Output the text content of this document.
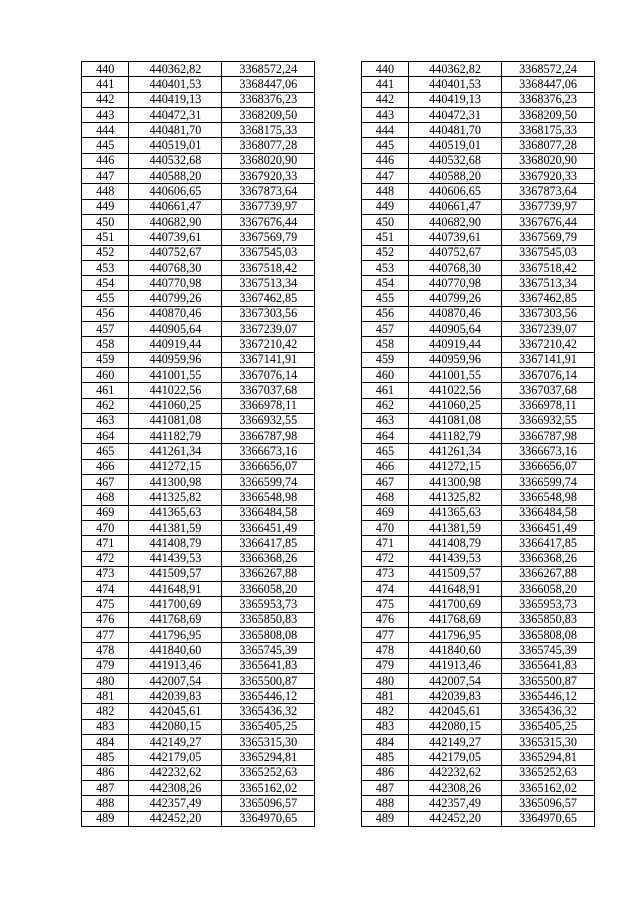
440	440362,82	3368572,24		440	440362,82	3368572,24
441	440401,53	3368447,06		441	440401,53	3368447,06
442	440419,13	3368376,23		442	440419,13	3368376,23
443	440472,31	3368209,50		443	440472,31	3368209,50
444	440481,70	3368175,33		444	440481,70	3368175,33
445	440519,01	3368077,28		445	440519,01	3368077,28
446	440532,68	3368020,90		446	440532,68	3368020,90
447	440588,20	3367920,33		447	440588,20	3367920,33
448	440606,65	3367873,64		448	440606,65	3367873,64
449	440661,47	3367739,97		449	440661,47	3367739,97
450	440682,90	3367676,44		450	440682,90	3367676,44
451	440739,61	3367569,79		451	440739,61	3367569,79
452	440752,67	3367545,03		452	440752,67	3367545,03
453	440768,30	3367518,42		453	440768,30	3367518,42
454	440770,98	3367513,34		454	440770,98	3367513,34
455	440799,26	3367462,85		455	440799,26	3367462,85
456	440870,46	3367303,56		456	440870,46	3367303,56
457	440905,64	3367239,07		457	440905,64	3367239,07
458	440919,44	3367210,42		458	440919,44	3367210,42
459	440959,96	3367141,91		459	440959,96	3367141,91
460	441001,55	3367076,14		460	441001,55	3367076,14
461	441022,56	3367037,68		461	441022,56	3367037,68
462	441060,25	3366978,11		462	441060,25	3366978,11
463	441081,08	3366932,55		463	441081,08	3366932,55
464	441182,79	3366787,98		464	441182,79	3366787,98
465	441261,34	3366673,16		465	441261,34	3366673,16
466	441272,15	3366656,07		466	441272,15	3366656,07
467	441300,98	3366599,74		467	441300,98	3366599,74
468	441325,82	3366548,98		468	441325,82	3366548,98
469	441365,63	3366484,58		469	441365,63	3366484,58
470	441381,59	3366451,49		470	441381,59	3366451,49
471	441408,79	3366417,85		471	441408,79	3366417,85
472	441439,53	3366368,26		472	441439,53	3366368,26
473	441509,57	3366267,88		473	441509,57	3366267,88
474	441648,91	3366058,20		474	441648,91	3366058,20
475	441700,69	3365953,73		475	441700,69	3365953,73
476	441768,69	3365850,83		476	441768,69	3365850,83
477	441796,95	3365808,08		477	441796,95	3365808,08
478	441840,60	3365745,39		478	441840,60	3365745,39
479	441913,46	3365641,83		479	441913,46	3365641,83
480	442007,54	3365500,87		480	442007,54	3365500,87
481	442039,83	3365446,12		481	442039,83	3365446,12
482	442045,61	3365436,32		482	442045,61	3365436,32
483	442080,15	3365405,25		483	442080,15	3365405,25
484	442149,27	3365315,30		484	442149,27	3365315,30
485	442179,05	3365294,81		485	442179,05	3365294,81
486	442232,62	3365252,63		486	442232,62	3365252,63
487	442308,26	3365162,02		487	442308,26	3365162,02
488	442357,49	3365096,57		488	442357,49	3365096,57
489	442452,20	3364970,65		489	442452,20	3364970,65
